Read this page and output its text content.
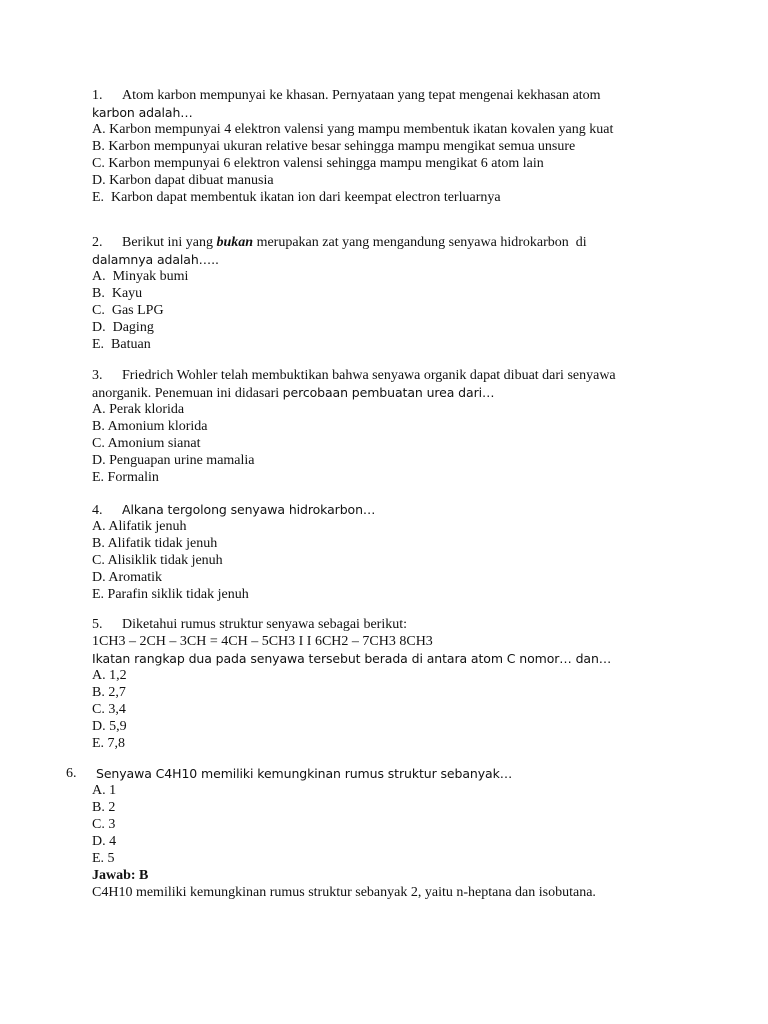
1. Atom karbon mempunyai ke khasan. Pernyataan yang tepat mengenai kekhasan atom
karbon adalah…
A. Karbon mempunyai 4 elektron valensi yang mampu membentuk ikatan kovalen yang kuat
B. Karbon mempunyai ukuran relative besar sehingga mampu mengikat semua unsure
C. Karbon mempunyai 6 elektron valensi sehingga mampu mengikat 6 atom lain
D. Karbon dapat dibuat manusia
E.  Karbon dapat membentuk ikatan ion dari keempat electron terluarnya
2. Berikut ini yang bukan merupakan zat yang mengandung senyawa hidrokarbon  di
dalamnya adalah…..
A.  Minyak bumi
B.  Kayu
C.  Gas LPG
D.  Daging
E.  Batuan
3. Friedrich Wohler telah membuktikan bahwa senyawa organik dapat dibuat dari senyawa
anorganik. Penemuan ini didasari percobaan pembuatan urea dari…
A. Perak klorida
B. Amonium klorida
C. Amonium sianat
D. Penguapan urine mamalia
E. Formalin
4. Alkana tergolong senyawa hidrokarbon…
A. Alifatik jenuh
B. Alifatik tidak jenuh
C. Alisiklik tidak jenuh
D. Aromatik
E. Parafin siklik tidak jenuh
5. Diketahui rumus struktur senyawa sebagai berikut:
1CH3 – 2CH – 3CH = 4CH – 5CH3 I I 6CH2 – 7CH3 8CH3
Ikatan rangkap dua pada senyawa tersebut berada di antara atom C nomor… dan…
A. 1,2
B. 2,7
C. 3,4
D. 5,9
E. 7,8
6.	Senyawa C4H10 memiliki kemungkinan rumus struktur sebanyak…
A. 1
B. 2
C. 3
D. 4
E. 5
Jawab: B
C4H10 memiliki kemungkinan rumus struktur sebanyak 2, yaitu n-heptana dan isobutana.
